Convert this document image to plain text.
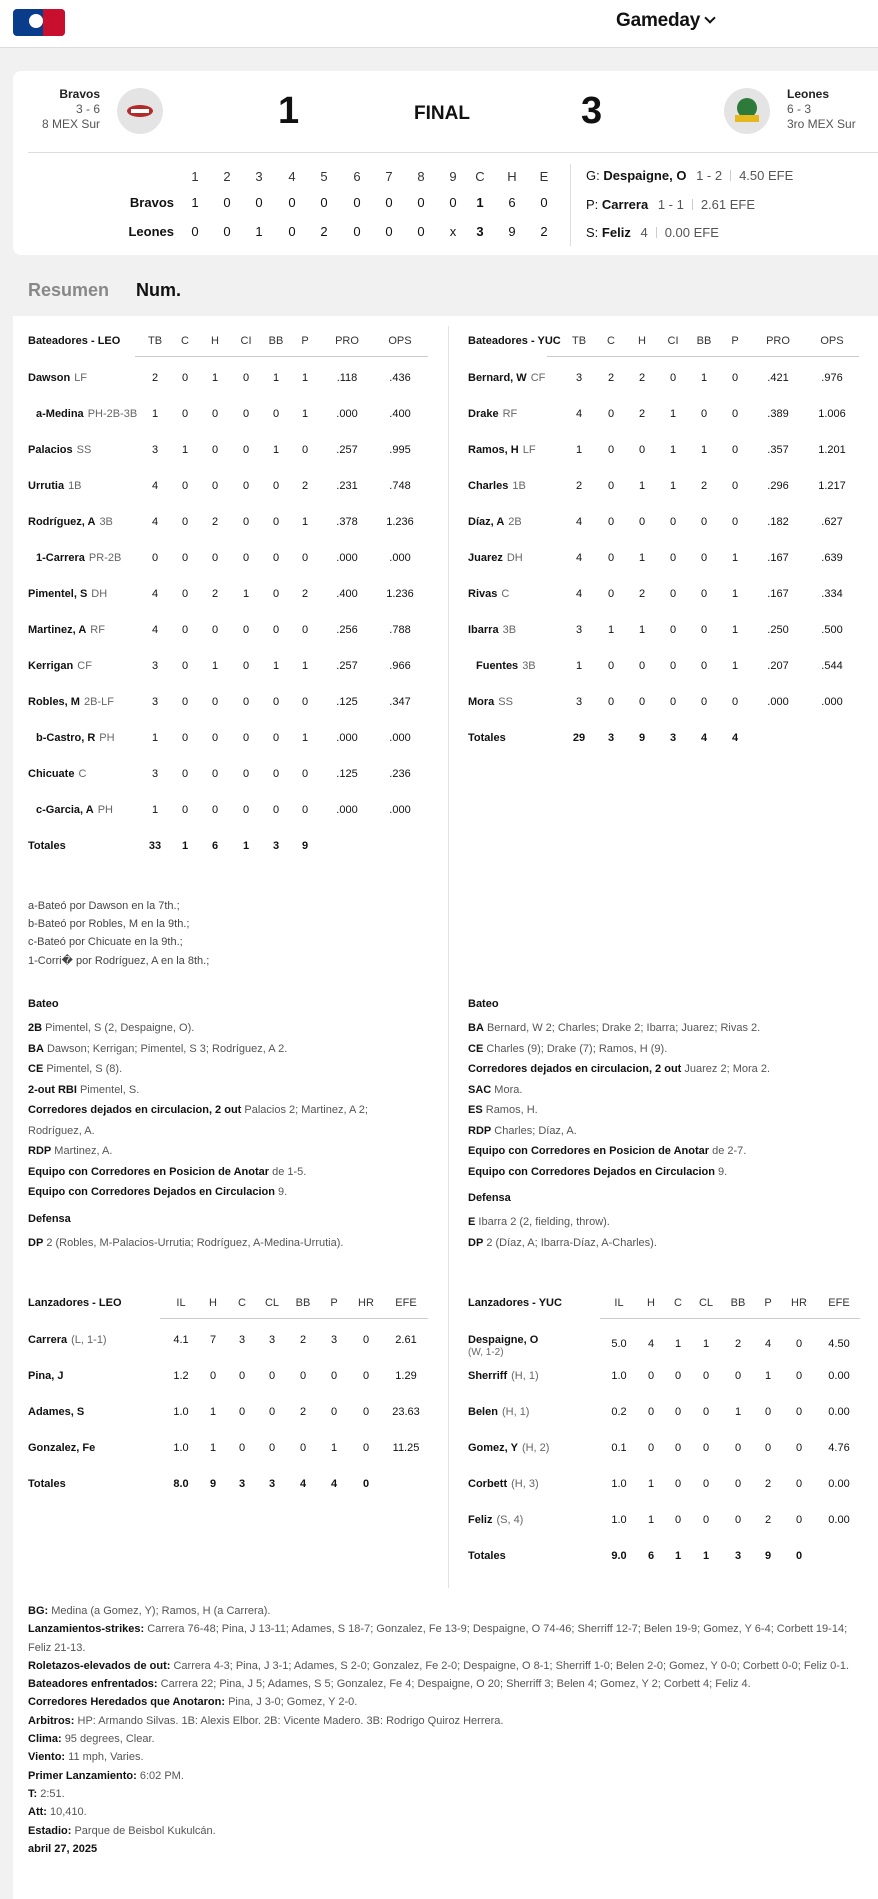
Gameday
Bravos
3 - 6
8 MEX Sur	1	FINAL	3	Leones
6 - 3
3ro MEX Sur
1	2	3	4	5	6	7	8	9	C	H	E
Bravos	1	0	0	0	0	0	0	0	0	1	6	0
Leones	0	0	1	0	2	0	0	0	x	3	9	2
G: Despaigne, O 1 - 2 4.50 EFE
P: Carrera 1 - 1 2.61 EFE
S: Feliz 4 0.00 EFE
Resumen Num.
Bateadores - LEO	TB	C	H	CI	BB	P	PRO	OPS
Dawson LF	2	0	1	0	1	1	.118	.436
a-Medina PH-2B-3B	1	0	0	0	0	1	.000	.400
Palacios SS	3	1	0	0	1	0	.257	.995
Urrutia 1B	4	0	0	0	0	2	.231	.748
Rodríguez, A 3B	4	0	2	0	0	1	.378	1.236
1-Carrera PR-2B	0	0	0	0	0	0	.000	.000
Pimentel, S DH	4	0	2	1	0	2	.400	1.236
Martinez, A RF	4	0	0	0	0	0	.256	.788
Kerrigan CF	3	0	1	0	1	1	.257	.966
Robles, M 2B-LF	3	0	0	0	0	0	.125	.347
b-Castro, R PH	1	0	0	0	0	1	.000	.000
Chicuate C	3	0	0	0	0	0	.125	.236
c-Garcia, A PH	1	0	0	0	0	0	.000	.000
Totales	33	1	6	1	3	9
Bateadores - YUC	TB	C	H	CI	BB	P	PRO	OPS
Bernard, W CF	3	2	2	0	1	0	.421	.976
Drake RF	4	0	2	1	0	0	.389	1.006
Ramos, H LF	1	0	0	1	1	0	.357	1.201
Charles 1B	2	0	1	1	2	0	.296	1.217
Díaz, A 2B	4	0	0	0	0	0	.182	.627
Juarez DH	4	0	1	0	0	1	.167	.639
Rivas C	4	0	2	0	0	1	.167	.334
Ibarra 3B	3	1	1	0	0	1	.250	.500
Fuentes 3B	1	0	0	0	0	1	.207	.544
Mora SS	3	0	0	0	0	0	.000	.000
Totales	29	3	9	3	4	4
a-Bateó por Dawson en la 7th.;
b-Bateó por Robles, M en la 9th.;
c-Bateó por Chicuate en la 9th.;
1-Corri� por Rodríguez, A en la 8th.;
Bateo
2B Pimentel, S (2, Despaigne, O).
BA Dawson; Kerrigan; Pimentel, S 3; Rodríguez, A 2.
CE Pimentel, S (8).
2-out RBI Pimentel, S.
Corredores dejados en circulacion, 2 out Palacios 2; Martinez, A 2;
Rodríguez, A.
RDP Martinez, A.
Equipo con Corredores en Posicion de Anotar de 1-5.
Equipo con Corredores Dejados en Circulacion 9.
Defensa
DP 2 (Robles, M-Palacios-Urrutia; Rodríguez, A-Medina-Urrutia).
Bateo
BA Bernard, W 2; Charles; Drake 2; Ibarra; Juarez; Rivas 2.
CE Charles (9); Drake (7); Ramos, H (9).
Corredores dejados en circulacion, 2 out Juarez 2; Mora 2.
SAC Mora.
ES Ramos, H.
RDP Charles; Díaz, A.
Equipo con Corredores en Posicion de Anotar de 2-7.
Equipo con Corredores Dejados en Circulacion 9.
Defensa
E Ibarra 2 (2, fielding, throw).
DP 2 (Díaz, A; Ibarra-Díaz, A-Charles).
Lanzadores - LEO	IL	H	C	CL	BB	P	HR	EFE
Carrera (L, 1-1)	4.1	7	3	3	2	3	0	2.61
Pina, J	1.2	0	0	0	0	0	0	1.29
Adames, S	1.0	1	0	0	2	0	0	23.63
Gonzalez, Fe	1.0	1	0	0	0	1	0	11.25
Totales	8.0	9	3	3	4	4	0
Lanzadores - YUC	IL	H	C	CL	BB	P	HR	EFE
Despaigne, O
(W, 1-2)
5.0	4	1	1	2	4	0	4.50
Sherriff (H, 1)	1.0	0	0	0	0	1	0	0.00
Belen (H, 1)	0.2	0	0	0	1	0	0	0.00
Gomez, Y (H, 2)	0.1	0	0	0	0	0	0	4.76
Corbett (H, 3)	1.0	1	0	0	0	2	0	0.00
Feliz (S, 4)	1.0	1	0	0	0	2	0	0.00
Totales	9.0	6	1	1	3	9	0
BG: Medina (a Gomez, Y); Ramos, H (a Carrera).
Lanzamientos-strikes: Carrera 76-48; Pina, J 13-11; Adames, S 18-7; Gonzalez, Fe 13-9; Despaigne, O 74-46; Sherriff 12-7; Belen 19-9; Gomez, Y 6-4; Corbett 19-14; Feliz 21-13.
Roletazos-elevados de out: Carrera 4-3; Pina, J 3-1; Adames, S 2-0; Gonzalez, Fe 2-0; Despaigne, O 8-1; Sherriff 1-0; Belen 2-0; Gomez, Y 0-0; Corbett 0-0; Feliz 0-1.
Bateadores enfrentados: Carrera 22; Pina, J 5; Adames, S 5; Gonzalez, Fe 4; Despaigne, O 20; Sherriff 3; Belen 4; Gomez, Y 2; Corbett 4; Feliz 4.
Corredores Heredados que Anotaron: Pina, J 3-0; Gomez, Y 2-0.
Arbitros: HP: Armando Silvas. 1B: Alexis Elbor. 2B: Vicente Madero. 3B: Rodrigo Quiroz Herrera.
Clima: 95 degrees, Clear.
Viento: 11 mph, Varies.
Primer Lanzamiento: 6:02 PM.
T: 2:51.
Att: 10,410.
Estadio: Parque de Beisbol Kukulcán.
abril 27, 2025
